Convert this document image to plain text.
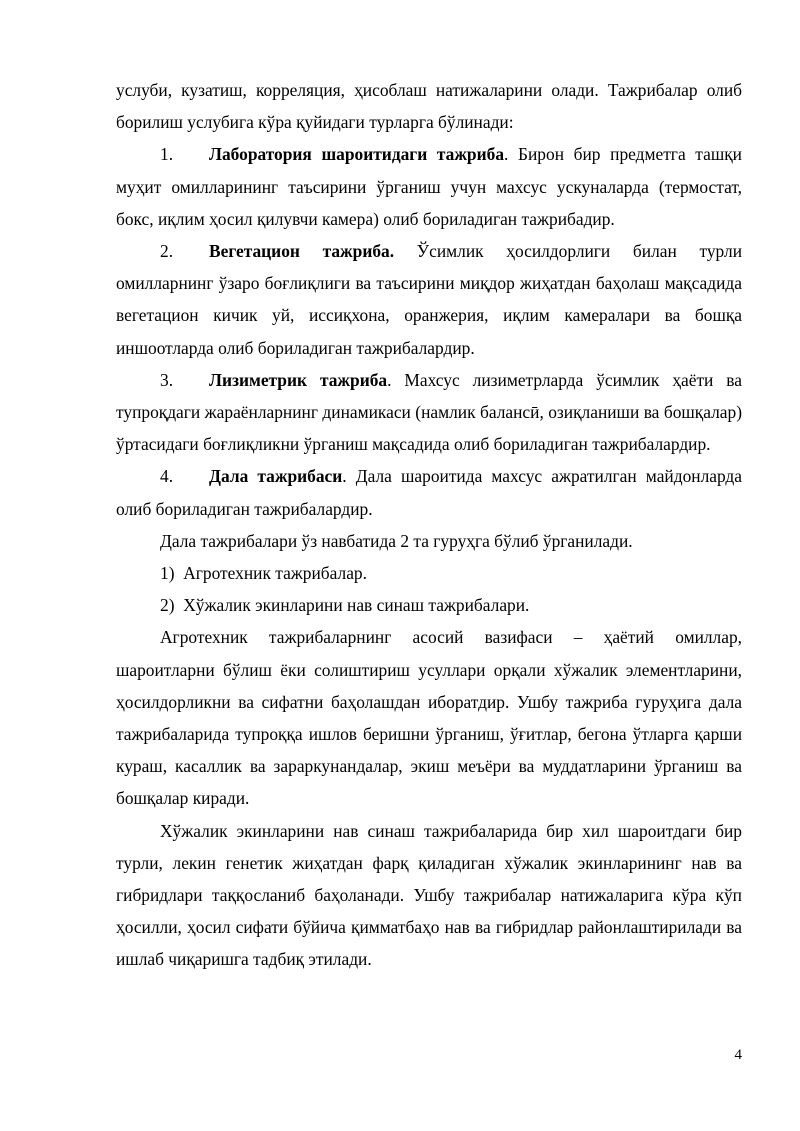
услуби, кузатиш, корреляция, ҳисоблаш натижаларини олади. Тажрибалар олиб борилиш услубига кўра қуйидаги турларга бўлинади:

1. Лаборатория шароитидаги тажриба. Бирон бир предметга ташқи муҳит омилларининг таъсирини ўрганиш учун махсус ускуналарда (термостат, бокс, иқлим ҳосил қилувчи камера) олиб бориладиган тажрибадир.

2. Вегетацион тажриба. Ўсимлик ҳосилдорлиги билан турли омилларнинг ўзаро боғлиқлиги ва таъсирини миқдор жиҳатдан баҳолаш мақсадида вегетацион кичик уй, иссиқхона, оранжерия, иқлим камералари ва бошқа иншоотларда олиб бориладиган тажрибалардир.

3. Лизиметрик тажриба. Махсус лизиметрларда ўсимлик ҳаёти ва тупроқдаги жараёнларнинг динамикаси (намлик балансӣ, озиқланиши ва бошқалар) ўртасидаги боғлиқликни ўрганиш мақсадида олиб бориладиган тажрибалардир.

4. Дала тажрибаси. Дала шароитида махсус ажратилган майдонларда олиб бориладиган тажрибалардир.

Дала тажрибалари ўз навбатида 2 та гуруҳга бўлиб ўрганилади.

1) Агротехник тажрибалар.

2) Хўжалик экинларини нав синаш тажрибалари.

Агротехник тажрибаларнинг асосий вазифаси – ҳаётий омиллар, шароитларни бўлиш ёки солиштириш усуллари орқали хўжалик элементларини, ҳосилдорликни ва сифатни баҳолашдан иборатдир. Ушбу тажриба гуруҳига дала тажрибаларида тупроққа ишлов беришни ўрганиш, ўғитлар, бегона ўтларга қарши кураш, касаллик ва зараркунандалар, экиш меъёри ва муддатларини ўрганиш ва бошқалар киради.

Хўжалик экинларини нав синаш тажрибаларида бир хил шароитдаги бир турли, лекин генетик жиҳатдан фарқ қиладиган хўжалик экинларининг нав ва гибридлари таққосланиб баҳоланади. Ушбу тажрибалар натижаларига кўра кўп ҳосилли, ҳосил сифати бўйича қимматбаҳо нав ва гибридлар районлаштирилади ва ишлаб чиқаришга тадбиқ этилади.

4
